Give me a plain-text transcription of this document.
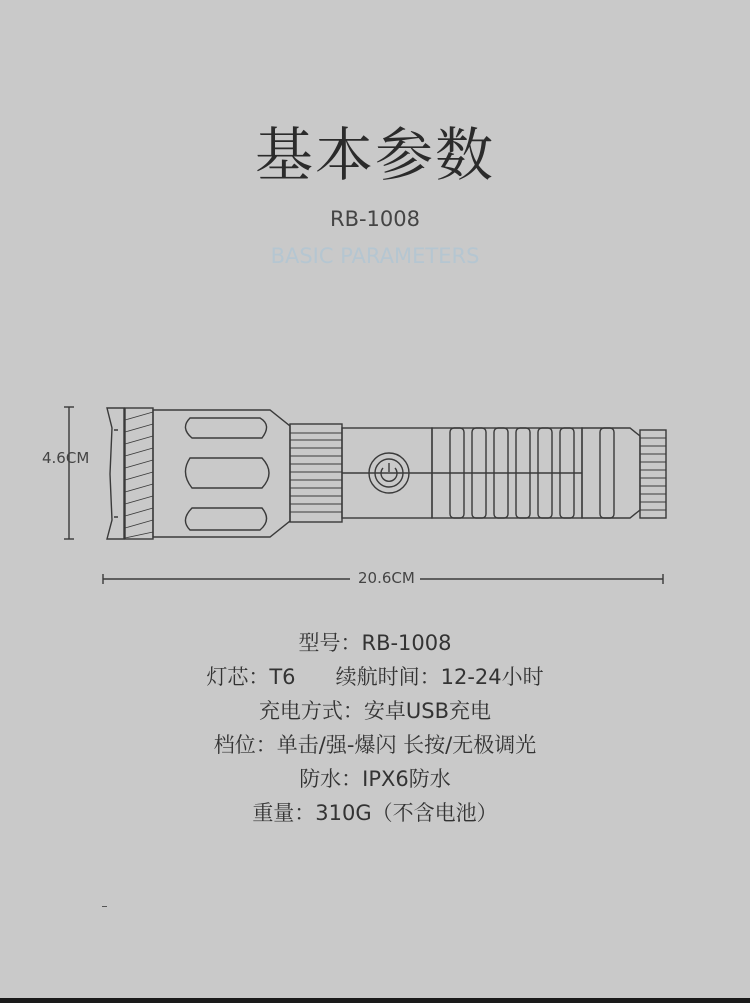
基本参数
RB-1008
BASIC PARAMETERS
4.6CM
20.6CM
型号：RB-1008
灯芯：T6      续航时间：12-24小时
充电方式：安卓USB充电
档位：单击/强-爆闪 长按/无极调光
防水：IPX6防水
重量：310G（不含电池）
